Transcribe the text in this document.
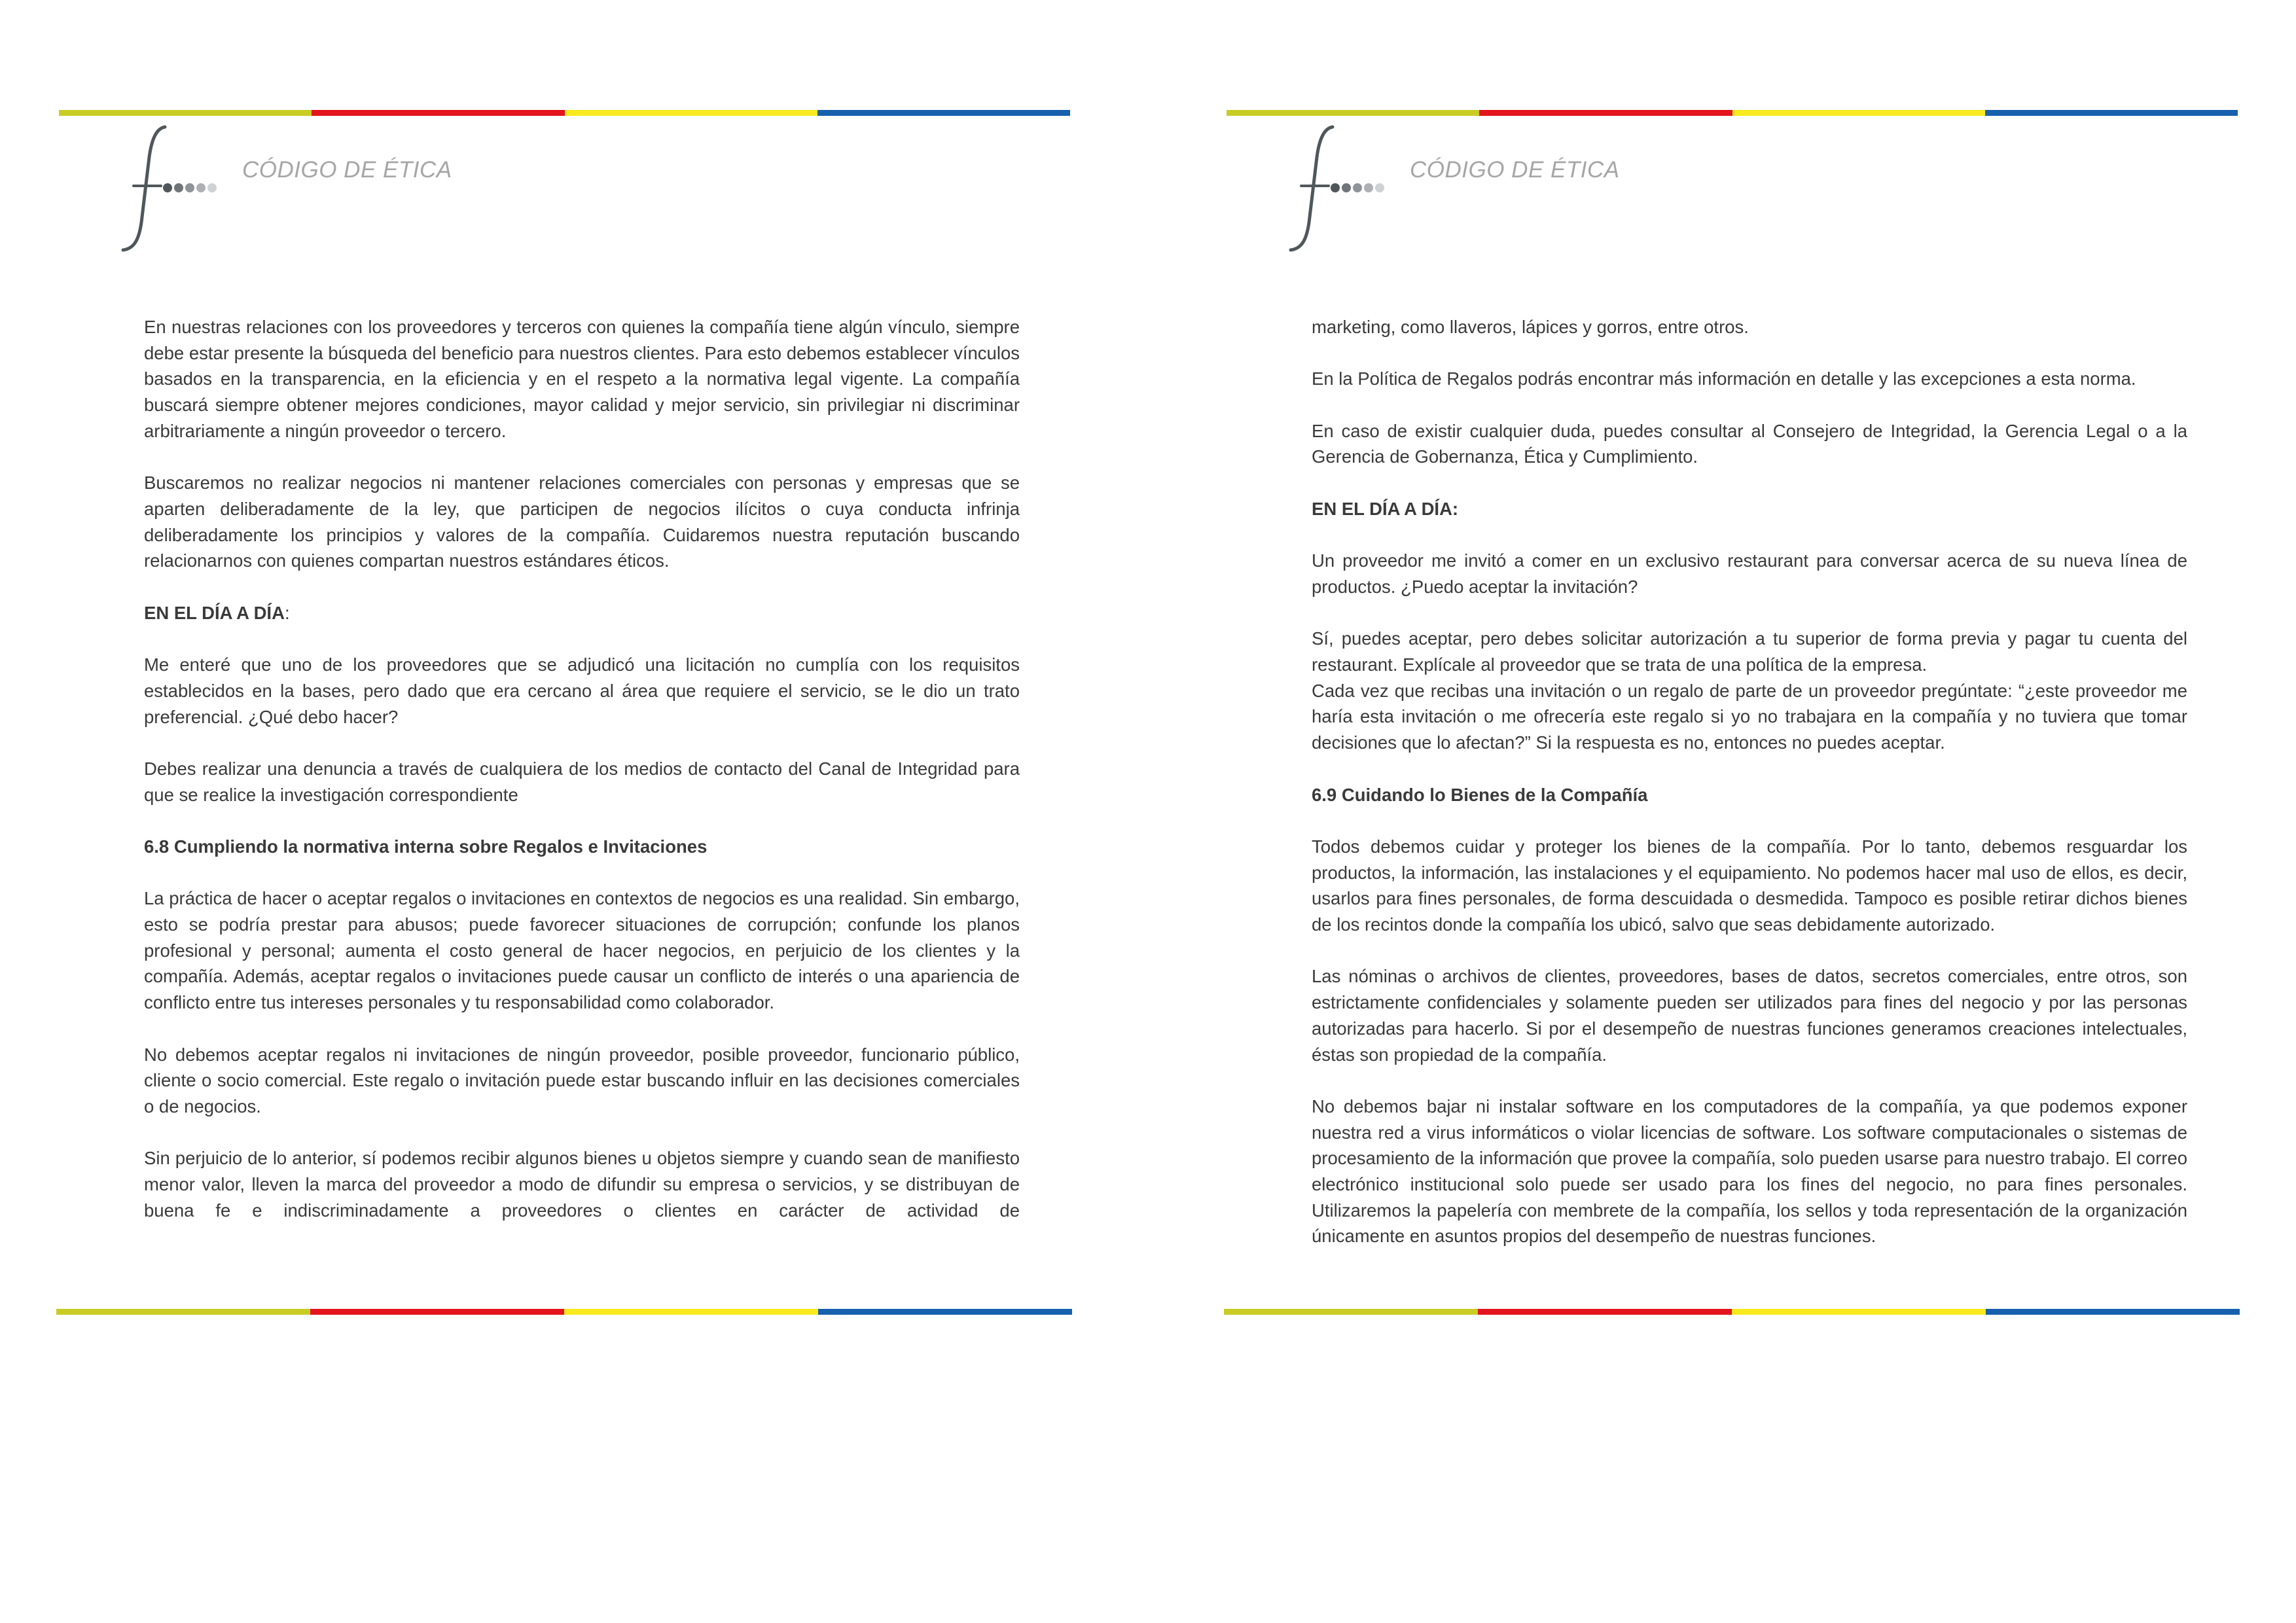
CÓDIGO DE ÉTICA

En nuestras relaciones con los proveedores y terceros con quienes la compañía tiene algún vínculo, siempre debe estar presente la búsqueda del beneficio para nuestros clientes. Para esto debemos establecer vínculos basados en la transparencia, en la eficiencia y en el respeto a la normativa legal vigente. La compañía buscará siempre obtener mejores condiciones, mayor calidad y mejor servicio, sin privilegiar ni discriminar arbitrariamente a ningún proveedor o tercero.

Buscaremos no realizar negocios ni mantener relaciones comerciales con personas y empresas que se aparten deliberadamente de la ley, que participen de negocios ilícitos o cuya conducta infrinja deliberadamente los principios y valores de la compañía. Cuidaremos nuestra reputación buscando relacionarnos con quienes compartan nuestros estándares éticos.

EN EL DÍA A DÍA:

Me enteré que uno de los proveedores que se adjudicó una licitación no cumplía con los requisitos establecidos en la bases, pero dado que era cercano al área que requiere el servicio, se le dio un trato preferencial. ¿Qué debo hacer?

Debes realizar una denuncia a través de cualquiera de los medios de contacto del Canal de Integridad para que se realice la investigación correspondiente

6.8 Cumpliendo la normativa interna sobre Regalos e Invitaciones

La práctica de hacer o aceptar regalos o invitaciones en contextos de negocios es una realidad. Sin embargo, esto se podría prestar para abusos; puede favorecer situaciones de corrupción; confunde los planos profesional y personal; aumenta el costo general de hacer negocios, en perjuicio de los clientes y la compañía. Además, aceptar regalos o invitaciones puede causar un conflicto de interés o una apariencia de conflicto entre tus intereses personales y tu responsabilidad como colaborador.

No debemos aceptar regalos ni invitaciones de ningún proveedor, posible proveedor, funcionario público, cliente o socio comercial. Este regalo o invitación puede estar buscando influir en las decisiones comerciales o de negocios.

Sin perjuicio de lo anterior, sí podemos recibir algunos bienes u objetos siempre y cuando sean de manifiesto menor valor, lleven la marca del proveedor a modo de difundir su empresa o servicios, y se distribuyan de buena fe e indiscriminadamente a proveedores o clientes en carácter de actividad de

CÓDIGO DE ÉTICA

marketing, como llaveros, lápices y gorros, entre otros.

En la Política de Regalos podrás encontrar más información en detalle y las excepciones a esta norma.

En caso de existir cualquier duda, puedes consultar al Consejero de Integridad, la Gerencia Legal o a la Gerencia de Gobernanza, Ética y Cumplimiento.

EN EL DÍA A DÍA:

Un proveedor me invitó a comer en un exclusivo restaurant para conversar acerca de su nueva línea de productos. ¿Puedo aceptar la invitación?

Sí, puedes aceptar, pero debes solicitar autorización a tu superior de forma previa y pagar tu cuenta del restaurant. Explícale al proveedor que se trata de una política de la empresa.

Cada vez que recibas una invitación o un regalo de parte de un proveedor pregúntate: “¿este proveedor me haría esta invitación o me ofrecería este regalo si yo no trabajara en la compañía y no tuviera que tomar decisiones que lo afectan?” Si la respuesta es no, entonces no puedes aceptar.

6.9 Cuidando lo Bienes de la Compañía

Todos debemos cuidar y proteger los bienes de la compañía. Por lo tanto, debemos resguardar los productos, la información, las instalaciones y el equipamiento. No podemos hacer mal uso de ellos, es decir, usarlos para fines personales, de forma descuidada o desmedida. Tampoco es posible retirar dichos bienes de los recintos donde la compañía los ubicó, salvo que seas debidamente autorizado.

Las nóminas o archivos de clientes, proveedores, bases de datos, secretos comerciales, entre otros, son estrictamente confidenciales y solamente pueden ser utilizados para fines del negocio y por las personas autorizadas para hacerlo. Si por el desempeño de nuestras funciones generamos creaciones intelectuales, éstas son propiedad de la compañía.

No debemos bajar ni instalar software en los computadores de la compañía, ya que podemos exponer nuestra red a virus informáticos o violar licencias de software. Los software computacionales o sistemas de procesamiento de la información que provee la compañía, solo pueden usarse para nuestro trabajo. El correo electrónico institucional solo puede ser usado para los fines del negocio, no para fines personales. Utilizaremos la papelería con membrete de la compañía, los sellos y toda representación de la organización únicamente en asuntos propios del desempeño de nuestras funciones.
